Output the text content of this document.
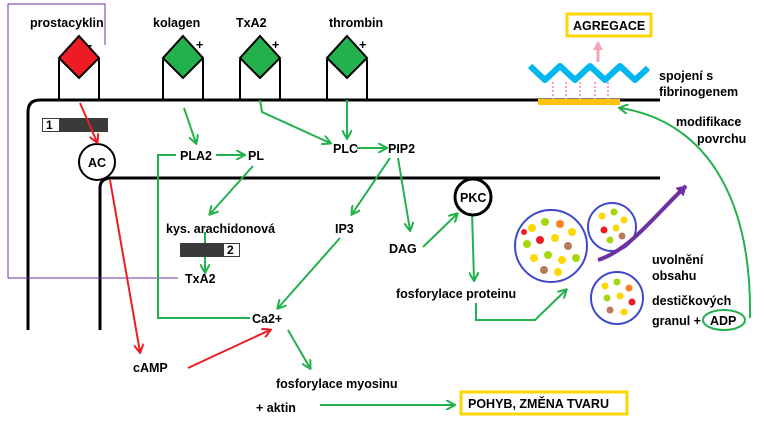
prostacyklin
-
kolagen
+
TxA2
+
thrombin
+
AGREGACE
spojení s
fibrinogenem
modifikace
povrchu
1
AC
PKC
PLA2	PL	PLC PIP2
IP3
DAG
kys. arachidonová
TxA2
Ca2+
cAMP
fosforylace proteinu
fosforylace myosinu
+ aktin
2
POHYB, ZMĚNA TVARU
uvolnění
obsahu
destičkových
granul + ADP
